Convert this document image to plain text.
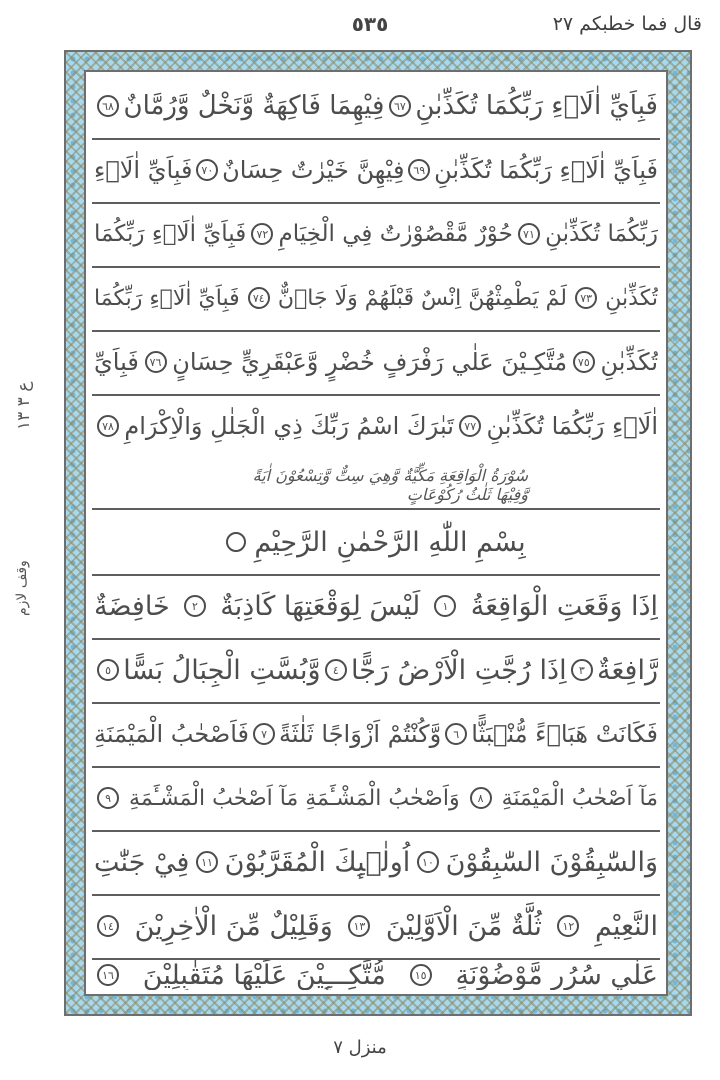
قال فما خطبكم ٢٧
٥٣٥
ع ٣ ١٣
وقف لازم
فَبِاَيِّ اٰلَاۗءِ رَبِّكُمَا تُكَذِّبٰنِ
٦٧
فِيْهِمَا فَاكِهَةٌ وَّنَخْلٌ وَّرُمَّانٌ
٦٨
فَبِاَيِّ اٰلَاۗءِ رَبِّكُمَا تُكَذِّبٰنِ
٦٩
فِيْهِنَّ خَيْرٰتٌ حِسَانٌ
٧٠
فَبِاَيِّ اٰلَاۗءِ
رَبِّكُمَا تُكَذِّبٰنِ
٧١
حُوْرٌ مَّقْصُوْرٰتٌ فِي الْخِيَامِ
٧٢
فَبِاَيِّ اٰلَاۗءِ رَبِّكُمَا
تُكَذِّبٰنِ
٧٣
لَمْ يَطْمِثْهُنَّ اِنْسٌ قَبْلَهُمْ وَلَا جَاۗنٌّ
٧٤
فَبِاَيِّ اٰلَاۗءِ رَبِّكُمَا
تُكَذِّبٰنِ
٧٥
مُتَّكِـيْنَ عَلٰي رَفْرَفٍ خُضْرٍ وَّعَبْقَرِيٍّ حِسَانٍ
٧٦
فَبِاَيِّ
اٰلَاۗءِ رَبِّكُمَا تُكَذِّبٰنِ
٧٧
تَبٰرَكَ اسْمُ رَبِّكَ ذِي الْجَلٰلِ وَالْاِكْرَامِ
٧٨
سُوْرَةُ الْوَاقِعَةِ مَكِّيَّةٌ وَّهِيَ سِتٌّ وَّتِسْعُوْنَ اٰيَةً وَّفِيْهَا ثَلٰثُ رُكُوْعَاتٍ
بِسْمِ اللّٰهِ الرَّحْمٰنِ الرَّحِيْمِ
اِذَا وَقَعَتِ الْوَاقِعَةُ
١
لَيْسَ لِوَقْعَتِهَا كَاذِبَةٌ
٢
خَافِضَةٌ
رَّافِعَةٌ
٣
اِذَا رُجَّتِ الْاَرْضُ رَجًّا
٤
وَّبُسَّتِ الْجِبَالُ بَسًّا
٥
فَكَانَتْ هَبَاۗءً مُّنْۢبَثًّا
٦
وَّكُنْتُمْ اَزْوَاجًا ثَلٰثَةً
٧
فَاَصْحٰبُ الْمَيْمَنَةِ
مَآ اَصْحٰبُ الْمَيْمَنَةِ
٨
وَاَصْحٰبُ الْمَشْـَٔمَةِ مَآ اَصْحٰبُ الْمَشْـَٔمَةِ
٩
وَالسّٰبِقُوْنَ السّٰبِقُوْنَ
١٠
اُولٰۗىِٕكَ الْمُقَرَّبُوْنَ
١١
فِيْ جَنّٰتِ
النَّعِيْمِ
١٢
ثُلَّةٌ مِّنَ الْاَوَّلِيْنَ
١٣
وَقَلِيْلٌ مِّنَ الْاٰخِرِيْنَ
١٤
عَلٰي سُرُرٍ مَّوْضُوْنَةٍ
١٥
مُّتَّكِـــِٕيْنَ عَلَيْهَا مُتَقٰبِلِيْنَ
١٦
منزل ٧
